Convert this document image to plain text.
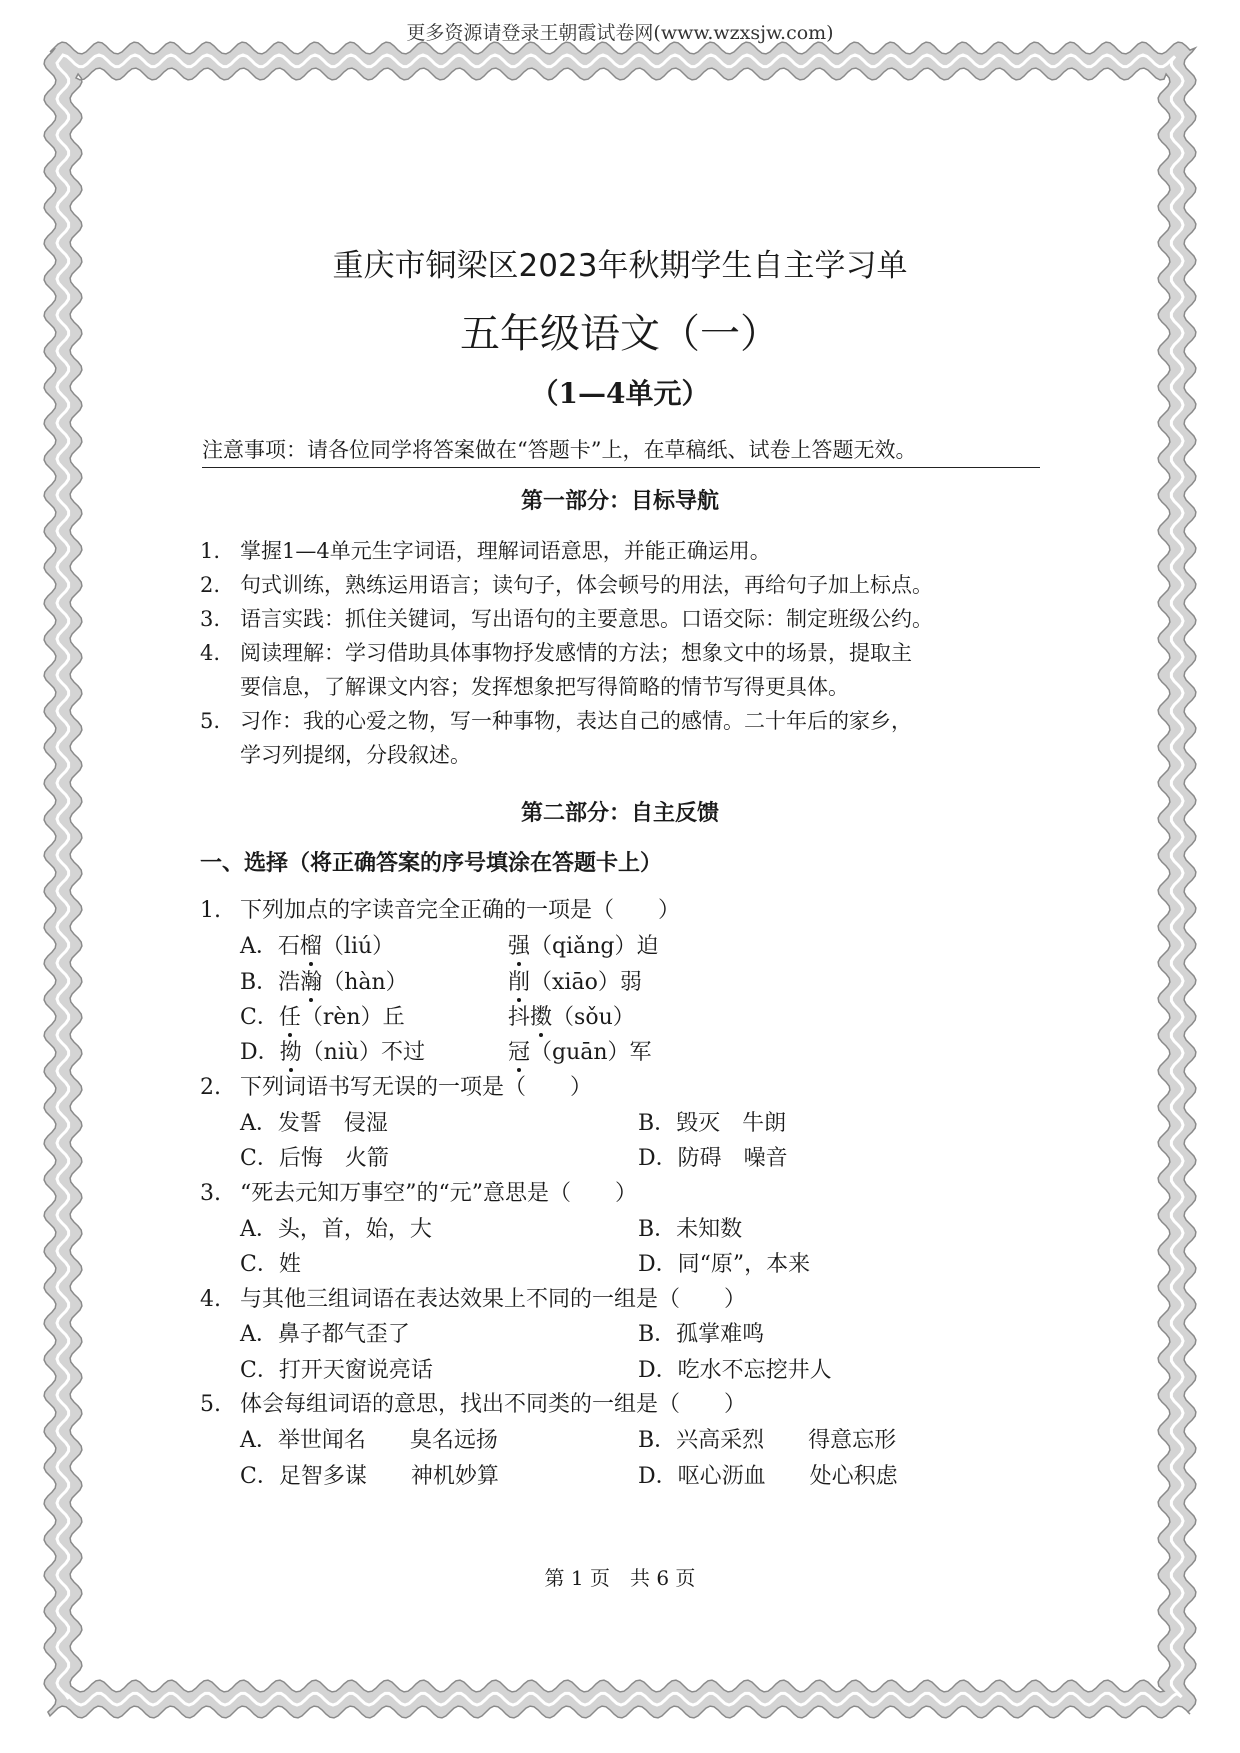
更多资源请登录王朝霞试卷网(www.wzxsjw.com)
重庆市铜梁区2023年秋期学生自主学习单
五年级语文（一）
（1—4单元）
注意事项：请各位同学将答案做在“答题卡”上，在草稿纸、试卷上答题无效。
第一部分：目标导航
1. 掌握1—4单元生字词语，理解词语意思，并能正确运用。
2. 句式训练，熟练运用语言；读句子，体会顿号的用法，再给句子加上标点。
3. 语言实践：抓住关键词，写出语句的主要意思。口语交际：制定班级公约。
4. 阅读理解：学习借助具体事物抒发感情的方法；想象文中的场景，提取主
要信息，了解课文内容；发挥想象把写得简略的情节写得更具体。
5. 习作：我的心爱之物，写一种事物，表达自己的感情。二十年后的家乡，
学习列提纲，分段叙述。
第二部分：自主反馈
一、选择（将正确答案的序号填涂在答题卡上）
1. 下列加点的字读音完全正确的一项是（　　）
A．石榴（liú）	强（qiǎng）迫
B．浩瀚（hàn）	削（xiāo）弱
C．任（rèn）丘	抖擞（sǒu）
D．拗（niù）不过	冠（guān）军
2. 下列词语书写无误的一项是（　　）
A．发誓　侵湿	B．毁灭　牛朗
C．后悔　火箭	D．防碍　噪音
3. “死去元知万事空”的“元”意思是（　　）
A．头，首，始，大	B．未知数
C．姓	D．同“原”，本来
4. 与其他三组词语在表达效果上不同的一组是（　　）
A．鼻子都气歪了	B．孤掌难鸣
C．打开天窗说亮话	D．吃水不忘挖井人
5. 体会每组词语的意思，找出不同类的一组是（　　）
A．举世闻名　　臭名远扬	B．兴高采烈　　得意忘形
C．足智多谋　　神机妙算	D．呕心沥血　　处心积虑
第 1 页　共 6 页
